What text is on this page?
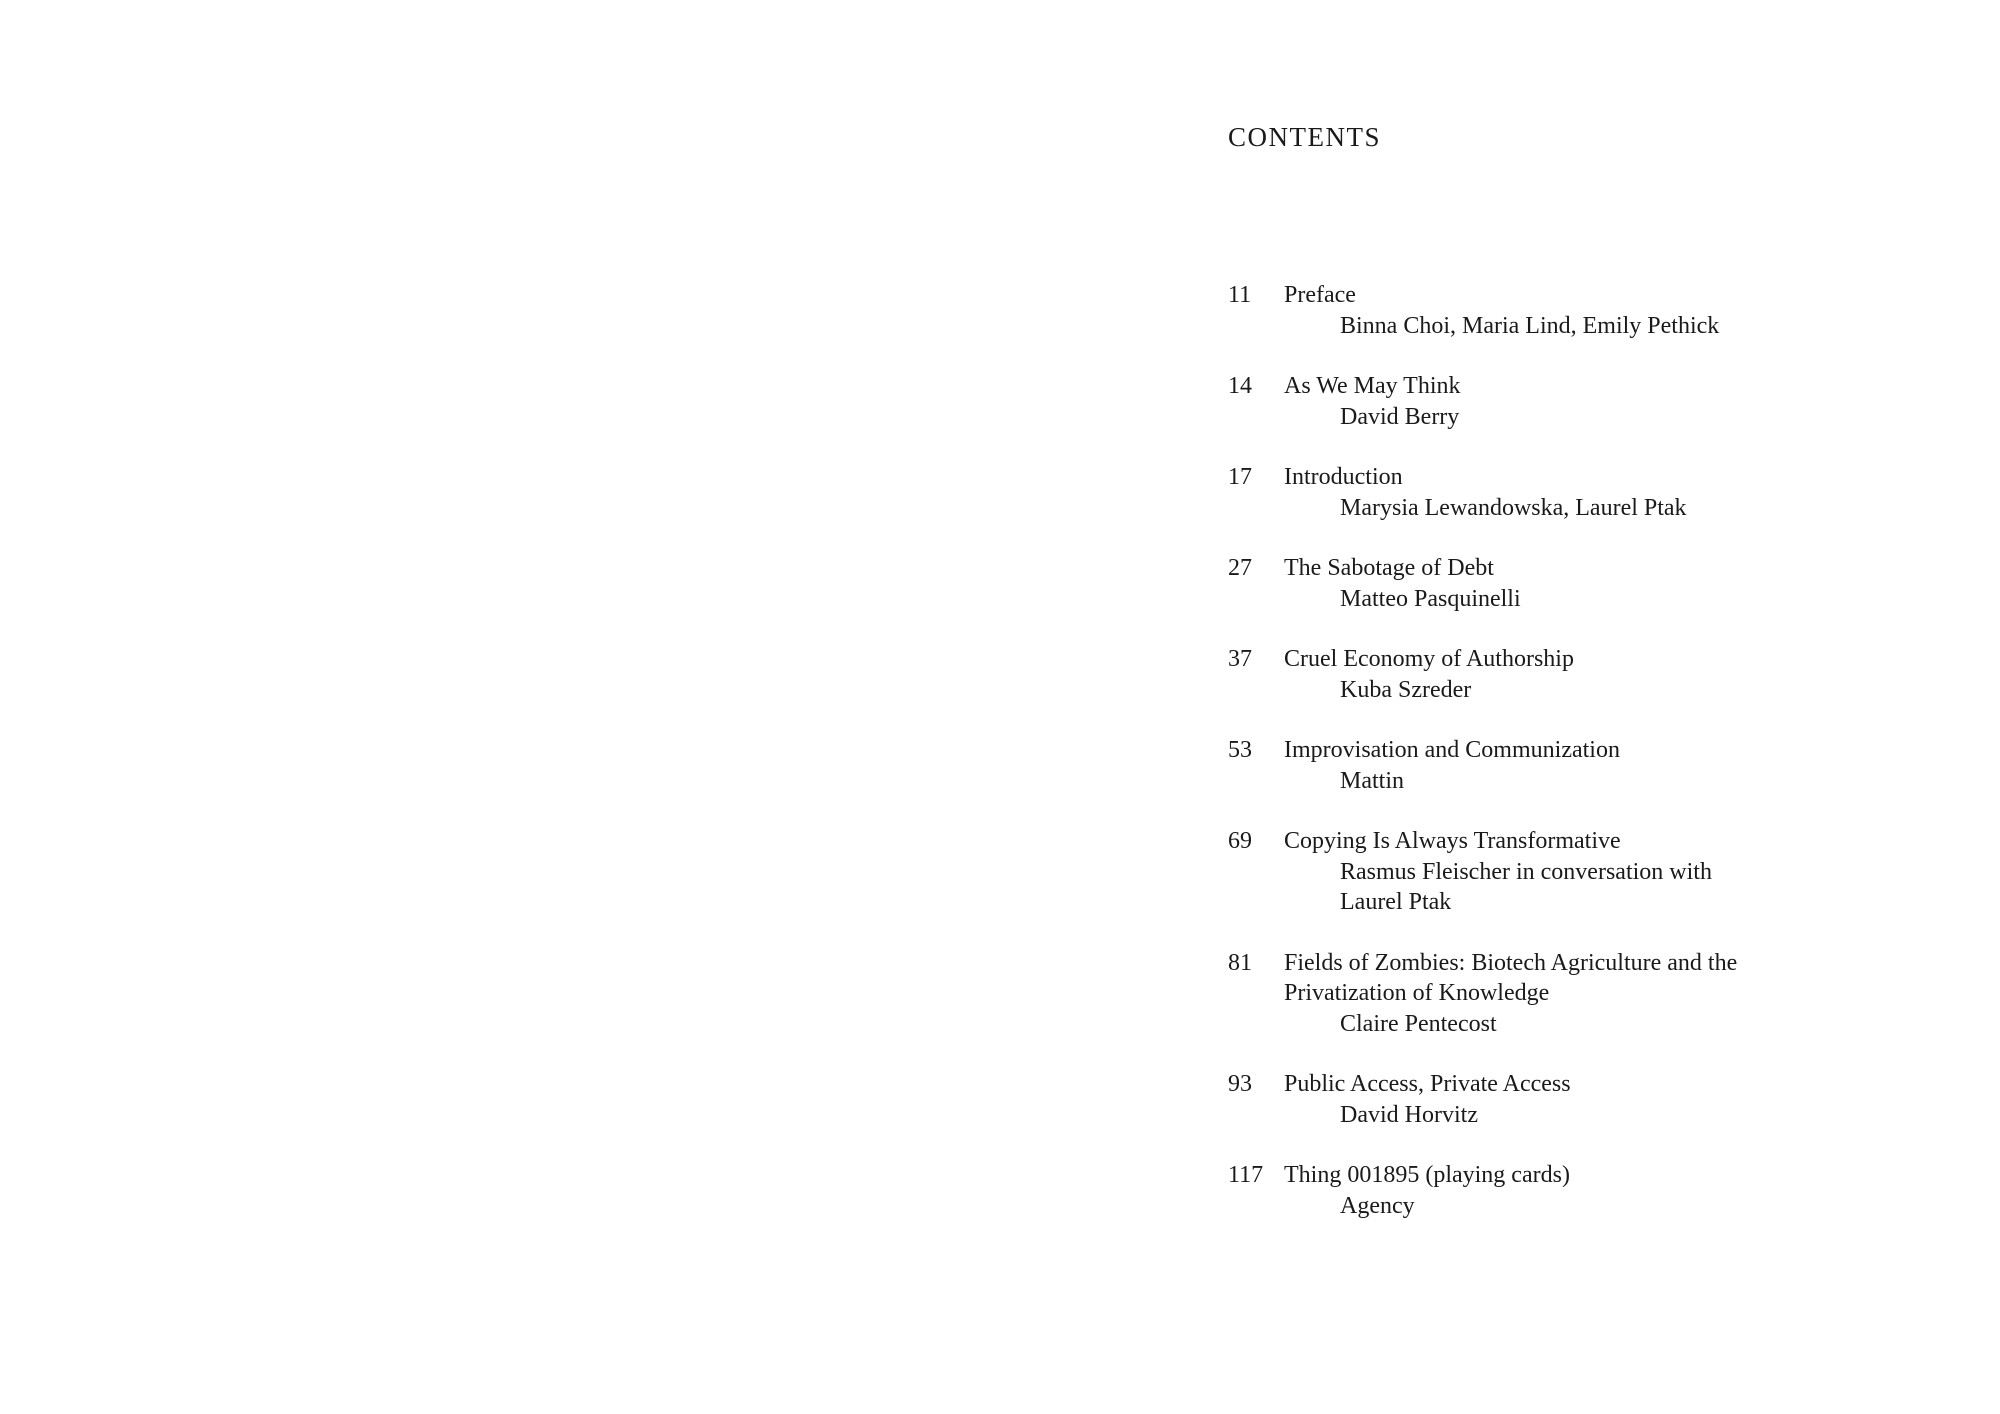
CONTENTS
11	Preface
Binna Choi, Maria Lind, Emily Pethick
14	As We May Think
David Berry
17	Introduction
Marysia Lewandowska, Laurel Ptak
27	The Sabotage of Debt
Matteo Pasquinelli
37	Cruel Economy of Authorship
Kuba Szreder
53	Improvisation and Communization
Mattin
69	Copying Is Always Transformative
Rasmus Fleischer in conversation with Laurel Ptak
81	Fields of Zombies: Biotech Agriculture and the Privatization of Knowledge
Claire Pentecost
93	Public Access, Private Access
David Horvitz
117 Thing 001895 (playing cards)
Agency
